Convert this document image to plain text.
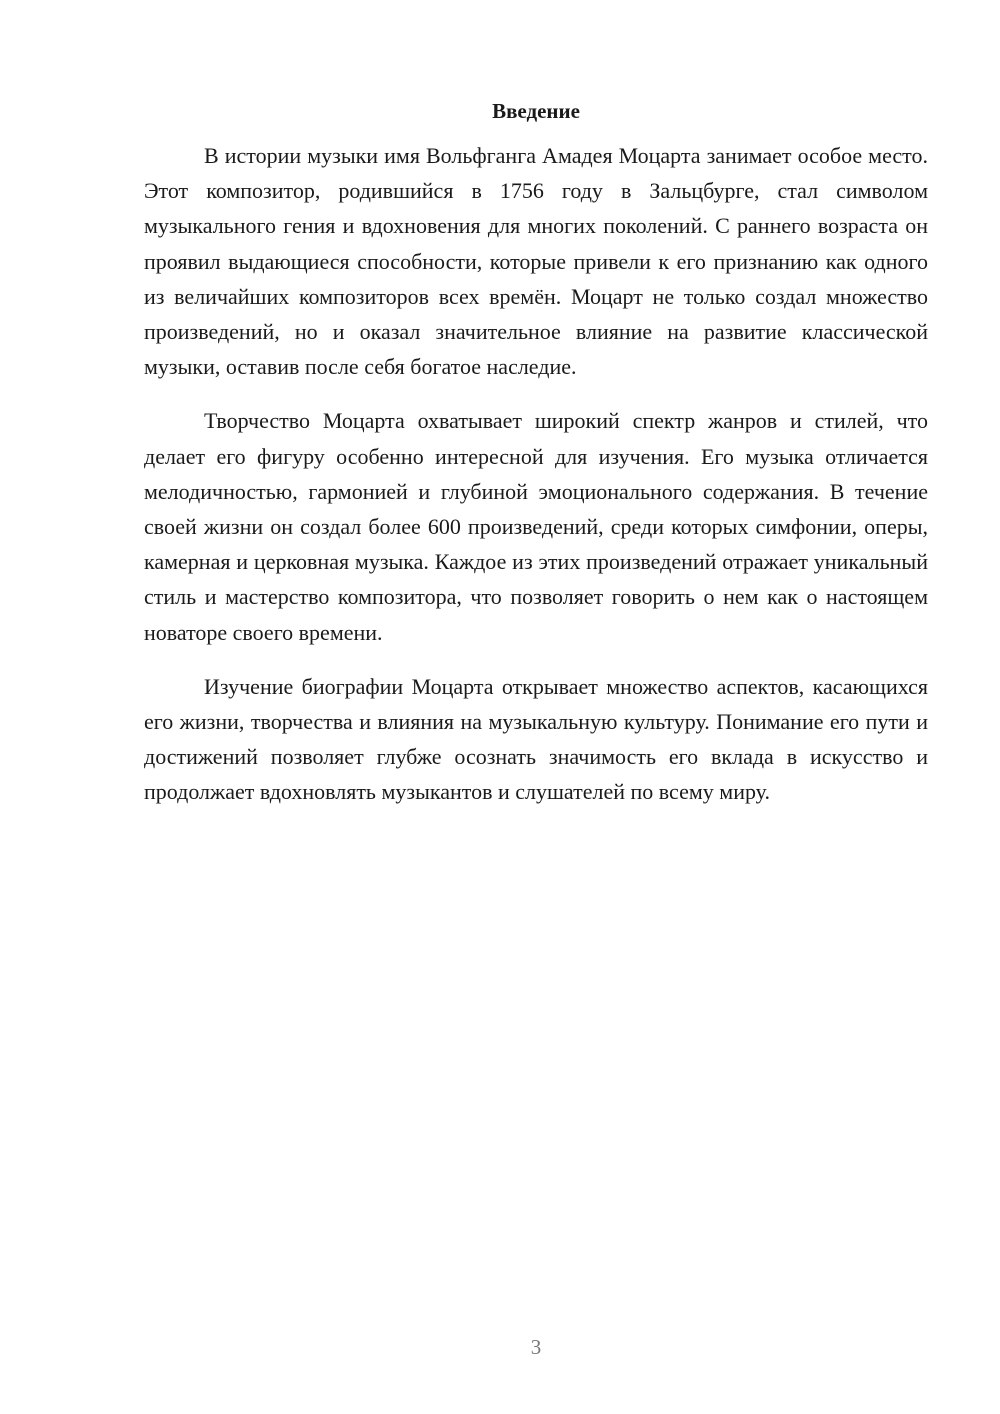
Введение

В истории музыки имя Вольфганга Амадея Моцарта занимает особое место. Этот композитор, родившийся в 1756 году в Зальцбурге, стал символом музыкального гения и вдохновения для многих поколений. С раннего возраста он проявил выдающиеся способности, которые привели к его признанию как одного из величайших композиторов всех времён. Моцарт не только создал множество произведений, но и оказал значительное влияние на развитие классической музыки, оставив после себя богатое наследие.

Творчество Моцарта охватывает широкий спектр жанров и стилей, что делает его фигуру особенно интересной для изучения. Его музыка отличается мелодичностью, гармонией и глубиной эмоционального содержания. В течение своей жизни он создал более 600 произведений, среди которых симфонии, оперы, камерная и церковная музыка. Каждое из этих произведений отражает уникальный стиль и мастерство композитора, что позволяет говорить о нем как о настоящем новаторе своего времени.

Изучение биографии Моцарта открывает множество аспектов, касающихся его жизни, творчества и влияния на музыкальную культуру. Понимание его пути и достижений позволяет глубже осознать значимость его вклада в искусство и продолжает вдохновлять музыкантов и слушателей по всему миру.

3
